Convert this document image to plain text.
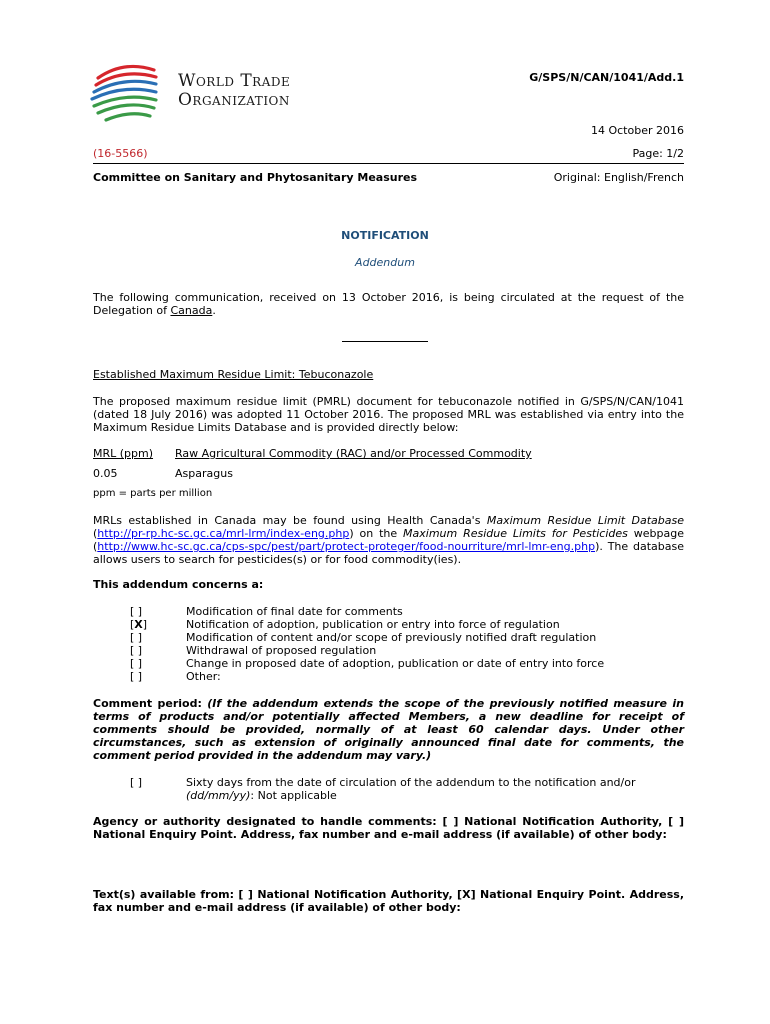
World Trade
Organization
G/SPS/N/CAN/1041/Add.1
14 October 2016
(16-5566)	Page: 1/2
Committee on Sanitary and Phytosanitary Measures	Original: English/French
NOTIFICATION
Addendum
The following communication, received on 13 October 2016, is being circulated at the request of the Delegation of Canada.
Established Maximum Residue Limit: Tebuconazole
The proposed maximum residue limit (PMRL) document for tebuconazole notified in G/SPS/N/CAN/1041 (dated 18 July 2016) was adopted 11 October 2016. The proposed MRL was established via entry into the Maximum Residue Limits Database and is provided directly below:
MRL (ppm) Raw Agricultural Commodity (RAC) and/or Processed Commodity
0.05	Asparagus
ppm = parts per million
MRLs established in Canada may be found using Health Canada's Maximum Residue Limit Database (http://pr-rp.hc-sc.gc.ca/mrl-lrm/index-eng.php) on the Maximum Residue Limits for Pesticides webpage (http://www.hc-sc.gc.ca/cps-spc/pest/part/protect-proteger/food-nourriture/mrl-lmr-eng.php). The database allows users to search for pesticides(s) or for food commodity(ies).
This addendum concerns a:
[ ]	Modification of final date for comments
[X]	Notification of adoption, publication or entry into force of regulation
[ ]	Modification of content and/or scope of previously notified draft regulation
[ ]	Withdrawal of proposed regulation
[ ]	Change in proposed date of adoption, publication or date of entry into force
[ ]	Other:
Comment period: (If the addendum extends the scope of the previously notified measure in terms of products and/or potentially affected Members, a new deadline for receipt of comments should be provided, normally of at least 60 calendar days. Under other circumstances, such as extension of originally announced final date for comments, the comment period provided in the addendum may vary.)
[ ]	Sixty days from the date of circulation of the addendum to the notification and/or (dd/mm/yy): Not applicable
Agency or authority designated to handle comments: [ ] National Notification Authority, [ ] National Enquiry Point. Address, fax number and e-mail address (if available) of other body:
Text(s) available from: [ ] National Notification Authority, [X] National Enquiry Point. Address, fax number and e-mail address (if available) of other body:
